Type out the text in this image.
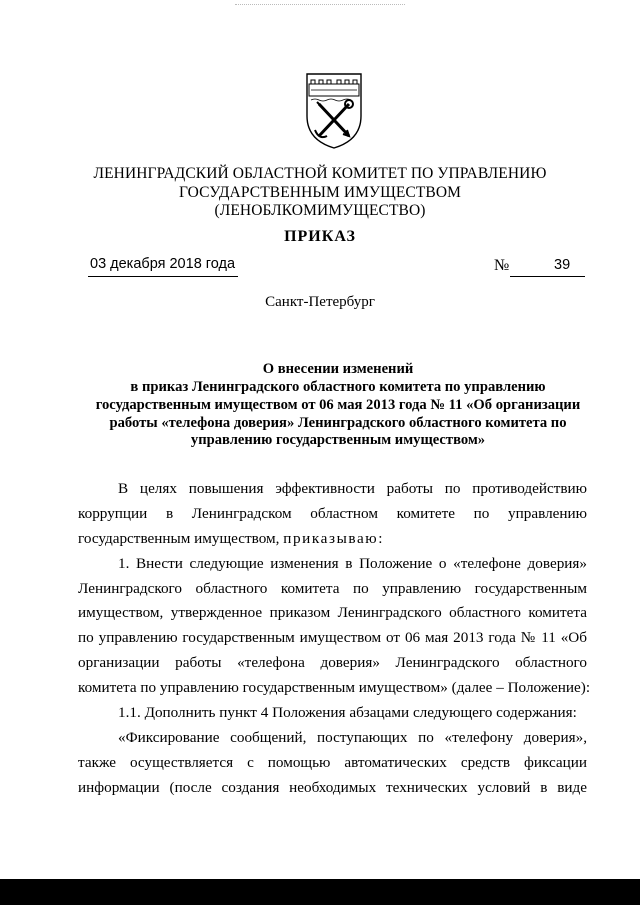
ЛЕНИНГРАДСКИЙ ОБЛАСТНОЙ КОМИТЕТ ПО УПРАВЛЕНИЮ
ГОСУДАРСТВЕННЫМ ИМУЩЕСТВОМ
(ЛЕНОБЛКОМИМУЩЕСТВО)
ПРИКАЗ
03 декабря 2018 года	№	39
Санкт-Петербург
О внесении изменений
в приказ Ленинградского областного комитета по управлению
государственным имуществом от 06 мая 2013 года № 11 «Об организации
работы «телефона доверия» Ленинградского областного комитета по
управлению государственным имуществом»
В целях повышения эффективности работы по противодействию
коррупции в Ленинградском областном комитете по управлению
государственным имуществом, приказываю:
1. Внести следующие изменения в Положение о «телефоне доверия»
Ленинградского областного комитета по управлению государственным
имуществом, утвержденное приказом Ленинградского областного комитета
по управлению государственным имуществом от 06 мая 2013 года № 11 «Об
организации работы «телефона доверия» Ленинградского областного
комитета по управлению государственным имуществом» (далее – Положение):
1.1. Дополнить пункт 4 Положения абзацами следующего содержания:
«Фиксирование сообщений, поступающих по «телефону доверия»,
также осуществляется с помощью автоматических средств фиксации
информации (после создания необходимых технических условий в виде
